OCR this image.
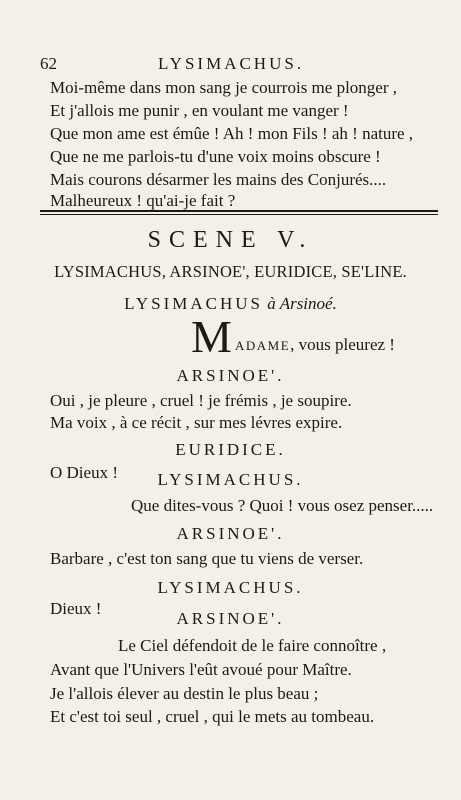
62	LYSIMACHUS.
Moi-même dans mon sang je courrois me plonger ,
Et j'allois me punir , en voulant me vanger !
Que mon ame est émûe ! Ah ! mon Fils ! ah ! nature ,
Que ne me parlois-tu d'une voix moins obscure !
Mais courons désarmer les mains des Conjurés....
Malheureux ! qu'ai-je fait ?
SCENE V.
LYSIMACHUS, ARSINOE', EURIDICE, SE'LINE.
LYSIMACHUS à Arsinoé.
M ADAME, vous pleurez !
ARSINOE'.
Oui , je pleure , cruel ! je frémis , je soupire.
Ma voix , à ce récit , sur mes lévres expire.
EURIDICE.
O Dieux !	LYSIMACHUS.
Que dites-vous ? Quoi ! vous osez penser.....
ARSINOE'.
Barbare , c'est ton sang que tu viens de verser.
LYSIMACHUS.
Dieux !
ARSINOE'.
Le Ciel défendoit de le faire connoître ,
Avant que l'Univers l'eût avoué pour Maître.
Je l'allois élever au destin le plus beau ;
Et c'est toi seul , cruel , qui le mets au tombeau.
